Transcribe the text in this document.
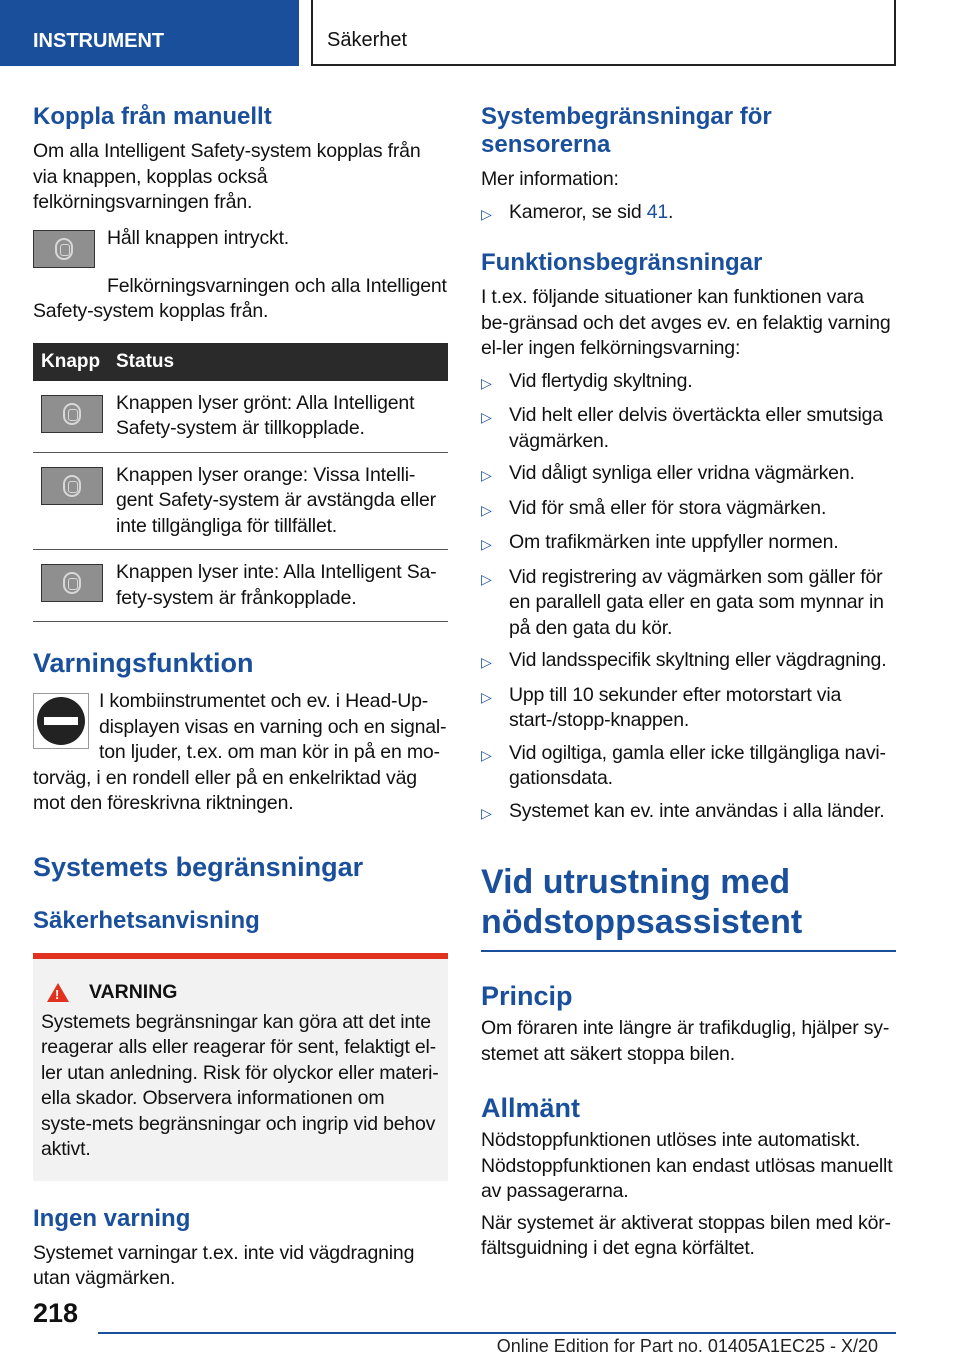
INSTRUMENT	Säkerhet
Koppla från manuellt

Om alla Intelligent Safety-system kopplas från via knappen, kopplas också felkörningsvarningen från.

Håll knappen intryckt.

Felkörningsvarningen och alla Intelligent Safety-system kopplas från.

Knapp Status
Knappen lyser grönt: Alla Intelligent Safety-system är tillkopplade.
Knappen lyser orange: Vissa Intelli-gent Safety-system är avstängda eller inte tillgängliga för tillfället.
Knappen lyser inte: Alla Intelligent Sa-fety-system är frånkopplade.
Varningsfunktion

I kombiinstrumentet och ev. i Head-Up-displayen visas en varning och en signal-ton ljuder, t.ex. om man kör in på en mo-torväg, i en rondell eller på en enkelriktad väg mot den föreskrivna riktningen.

Systemets begränsningar
Säkerhetsanvisning
! VARNING

Systemets begränsningar kan göra att det inte reagerar alls eller reagerar för sent, felaktigt el-ler utan anledning. Risk för olyckor eller materi-ella skador. Observera informationen om syste-mets begränsningar och ingrip vid behov aktivt.

Ingen varning

Systemet varningar t.ex. inte vid vägdragning utan vägmärken.

Systembegränsningar för sensorerna

Mer information:

▷ Kameror, se sid 41.
Funktionsbegränsningar

I t.ex. följande situationer kan funktionen vara be-gränsad och det avges ev. en felaktig varning el-ler ingen felkörningsvarning:

▷ Vid flertydig skyltning.
▷ Vid helt eller delvis övertäckta eller smutsiga vägmärken.
▷ Vid dåligt synliga eller vridna vägmärken.
▷ Vid för små eller för stora vägmärken.
▷ Om trafikmärken inte uppfyller normen.
▷ Vid registrering av vägmärken som gäller för en parallell gata eller en gata som mynnar in på den gata du kör.
▷ Vid landsspecifik skyltning eller vägdragning.
▷ Upp till 10 sekunder efter motorstart via start-/stopp-knappen.
▷ Vid ogiltiga, gamla eller icke tillgängliga navi-gationsdata.
▷ Systemet kan ev. inte användas i alla länder.
Vid utrustning med nödstoppsassistent
Princip

Om föraren inte längre är trafikduglig, hjälper sy-stemet att säkert stoppa bilen.

Allmänt

Nödstoppfunktionen utlöses inte automatiskt. Nödstoppfunktionen kan endast utlösas manuellt av passagerarna.

När systemet är aktiverat stoppas bilen med kör-fältsguidning i det egna körfältet.

218
Online Edition for Part no. 01405A1EC25 - X/20
